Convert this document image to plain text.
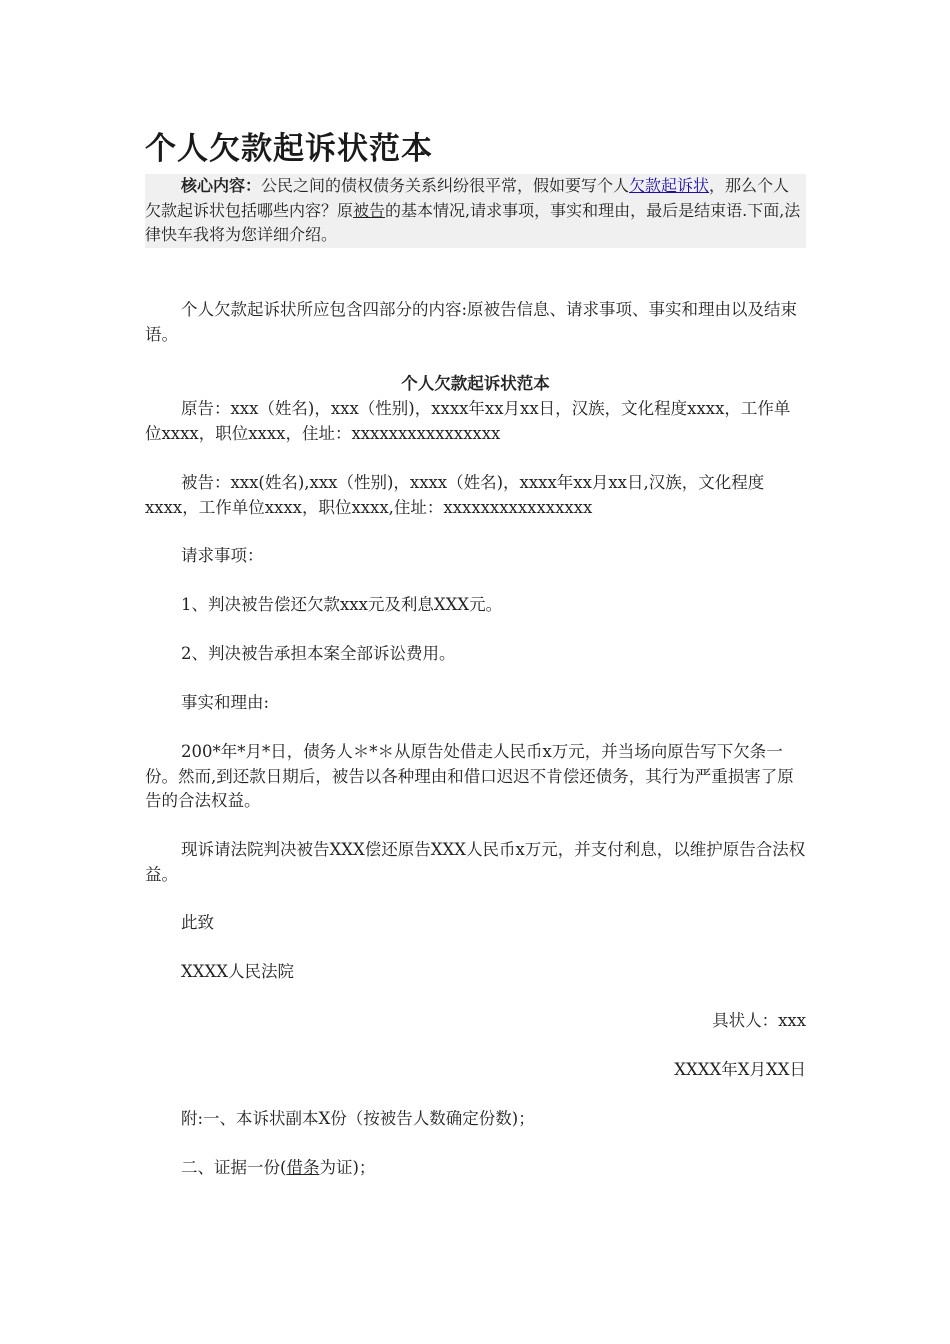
个人欠款起诉状范本
核心内容：公民之间的债权债务关系纠纷很平常，假如要写个人欠款起诉状，那么个人欠款起诉状包括哪些内容？原被告的基本情况,请求事项，事实和理由，最后是结束语.下面,法律快车我将为您详细介绍。

个人欠款起诉状所应包含四部分的内容:原被告信息、请求事项、事实和理由以及结束语。

个人欠款起诉状范本

原告：xxx（姓名)，xxx（性别)，xxxx年xx月xx日，汉族，文化程度xxxx，工作单位xxxx，职位xxxx，住址：xxxxxxxxxxxxxxxx

被告：xxx(姓名),xxx（性别)，xxxx（姓名)，xxxx年xx月xx日,汉族，文化程度xxxx，工作单位xxxx，职位xxxx,住址：xxxxxxxxxxxxxxxx

请求事项：

1、判决被告偿还欠款xxx元及利息XXX元。

2、判决被告承担本案全部诉讼费用。

事实和理由:

200*年*月*日，债务人＊*＊从原告处借走人民币x万元，并当场向原告写下欠条一份。然而,到还款日期后，被告以各种理由和借口迟迟不肯偿还债务，其行为严重损害了原告的合法权益。

现诉请法院判决被告XXX偿还原告XXX人民币x万元，并支付利息，以维护原告合法权益。

此致

XXXX人民法院

具状人：xxx

XXXX年X月XX日

附:一、本诉状副本X份（按被告人数确定份数)；

二、证据一份(借条为证)；
